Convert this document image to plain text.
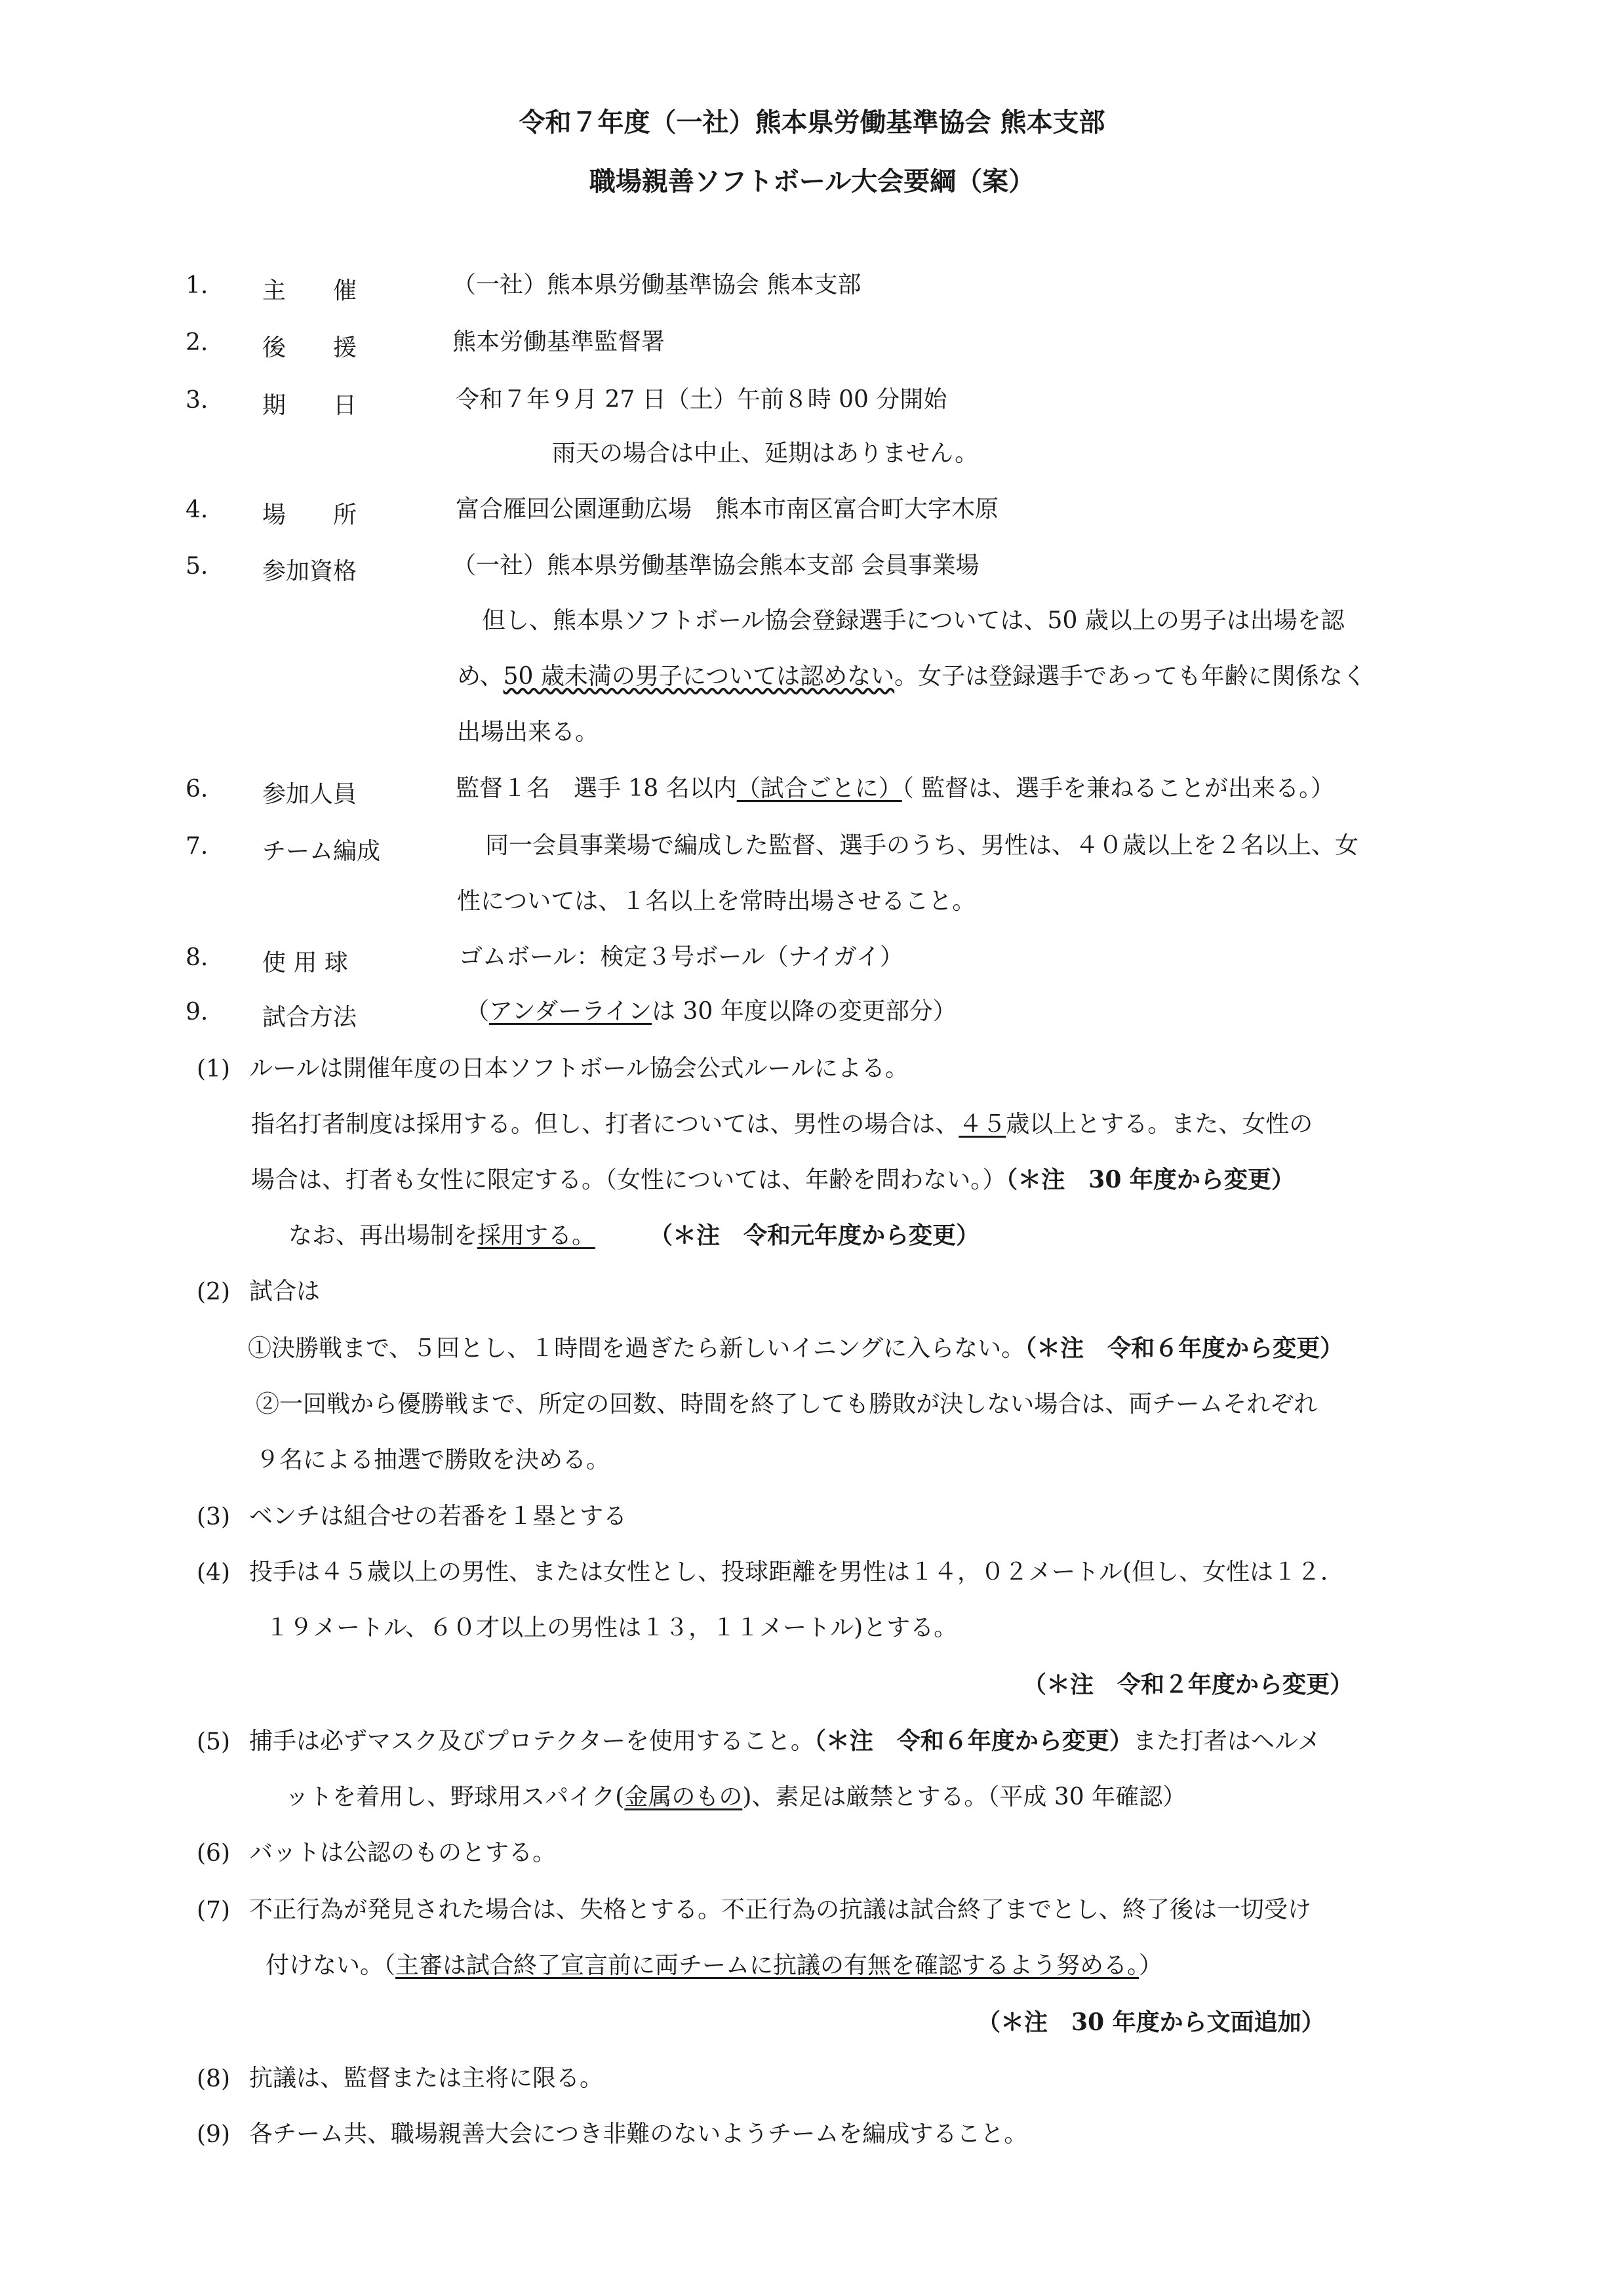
令和７年度（一社）熊本県労働基準協会 熊本支部
職場親善ソフトボール大会要綱（案）
1. 主　　催	（一社）熊本県労働基準協会 熊本支部
2. 後　　援	熊本労働基準監督署
3. 期　　日	令和７年９月 27 日（土）午前８時 00 分開始
雨天の場合は中止、延期はありません。
4. 場　　所	富合雁回公園運動広場　熊本市南区富合町大字木原
5. 参加資格	（一社）熊本県労働基準協会熊本支部 会員事業場
但し、熊本県ソフトボール協会登録選手については、50 歳以上の男子は出場を認
め、50 歳未満の男子については認めない。女子は登録選手であっても年齢に関係なく
出場出来る。
6. 参加人員	監督１名　選手 18 名以内（試合ごとに）（ 監督は、選手を兼ねることが出来る。）
7. チーム編成	同一会員事業場で編成した監督、選手のうち、男性は、４０歳以上を２名以上、女
性については、１名以上を常時出場させること。
8. 使 用 球	ゴムボール：検定３号ボール（ナイガイ）
9. 試合方法	（アンダーラインは 30 年度以降の変更部分）
(1) ルールは開催年度の日本ソフトボール協会公式ルールによる。
指名打者制度は採用する。但し、打者については、男性の場合は、４５歳以上とする。また、女性の
場合は、打者も女性に限定する。（女性については、年齢を問わない。）（＊注　30 年度から変更）
なお、再出場制を採用する。	（＊注　令和元年度から変更）
(2) 試合は
①決勝戦まで、５回とし、１時間を過ぎたら新しいイニングに入らない。（＊注　令和６年度から変更）
②一回戦から優勝戦まで、所定の回数、時間を終了しても勝敗が決しない場合は、両チームそれぞれ
９名による抽選で勝敗を決める。
(3) ベンチは組合せの若番を１塁とする
(4) 投手は４５歳以上の男性、または女性とし、投球距離を男性は１４，０２メートル(但し、女性は１２．
１９メートル、６０才以上の男性は１３，１１メートル)とする。
（＊注　令和２年度から変更）
(5) 捕手は必ずマスク及びプロテクターを使用すること。（＊注　令和６年度から変更）また打者はヘルメ
ットを着用し、野球用スパイク(金属のもの)、素足は厳禁とする。（平成 30 年確認）
(6) バットは公認のものとする。
(7) 不正行為が発見された場合は、失格とする。不正行為の抗議は試合終了までとし、終了後は一切受け
付けない。（主審は試合終了宣言前に両チームに抗議の有無を確認するよう努める。）
（＊注　30 年度から文面追加）
(8) 抗議は、監督または主将に限る。
(9) 各チーム共、職場親善大会につき非難のないようチームを編成すること。
